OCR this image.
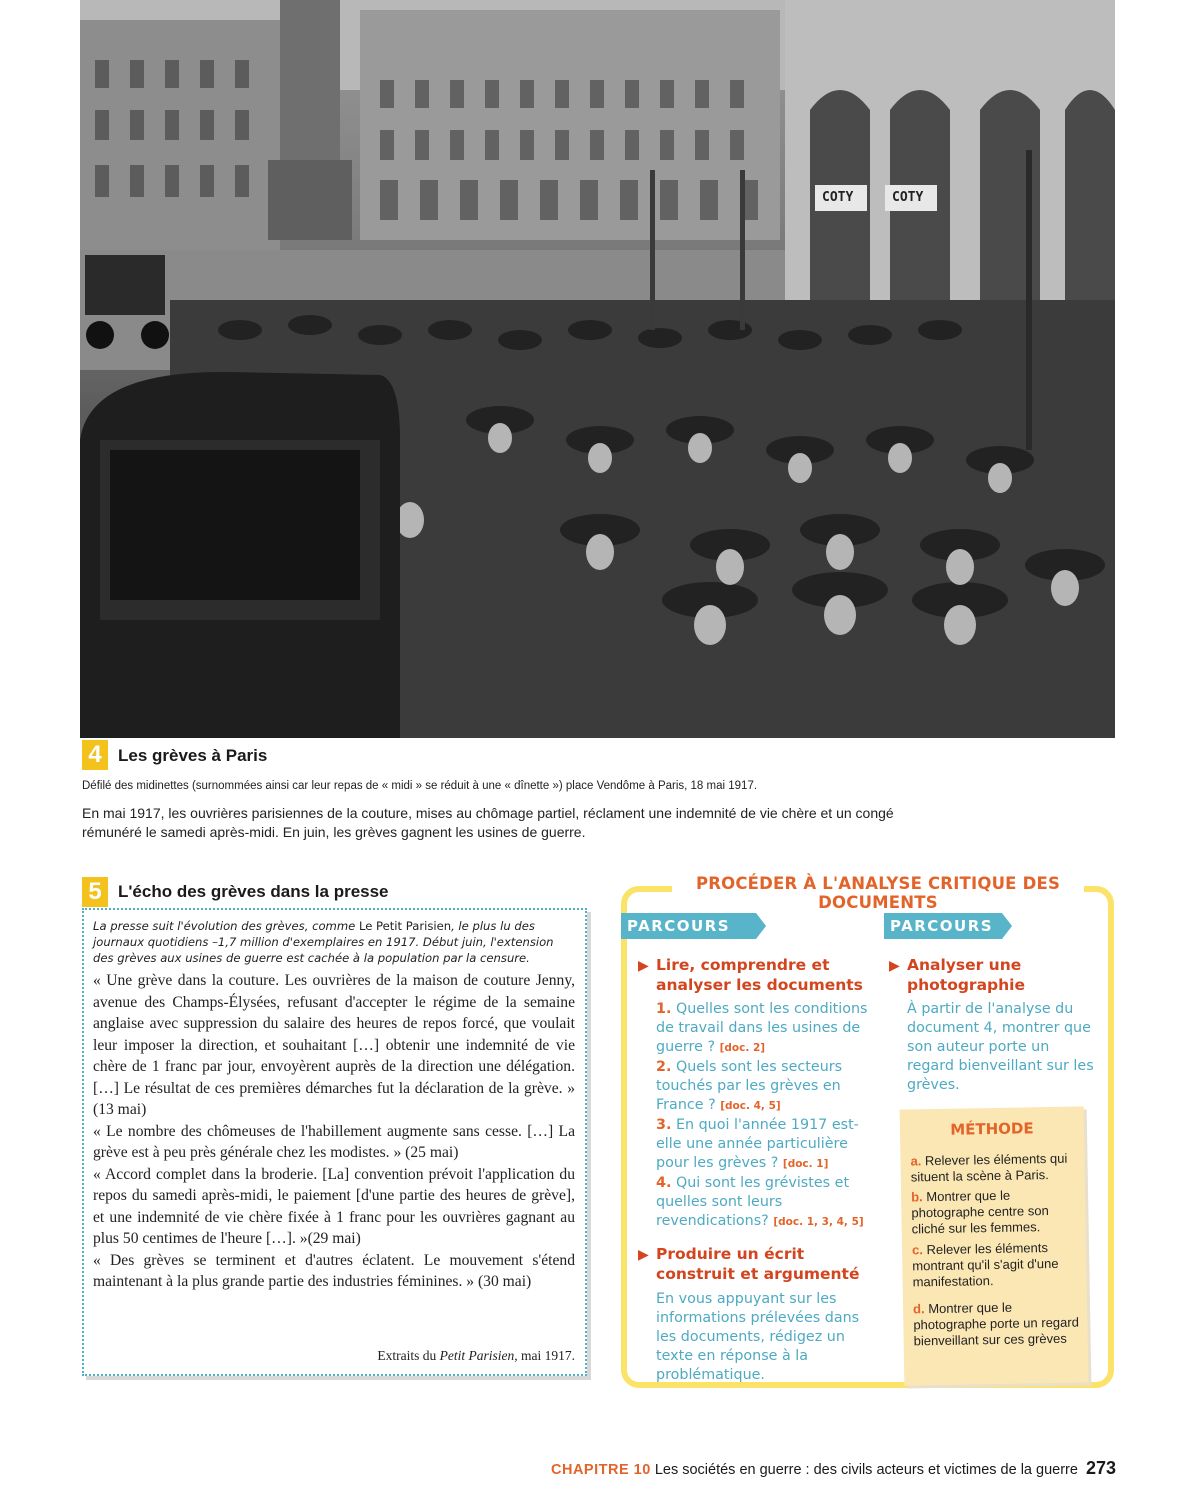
COTY	COTY
4 Les grèves à Paris
Défilé des midinettes (surnommées ainsi car leur repas de « midi » se réduit à une « dînette ») place Vendôme à Paris, 18 mai 1917.
En mai 1917, les ouvrières parisiennes de la couture, mises au chômage partiel, réclament une indemnité de vie chère et un congé rémunéré le samedi après-midi. En juin, les grèves gagnent les usines de guerre.
5 L'écho des grèves dans la presse

La presse suit l'évolution des grèves, comme Le Petit Parisien, le plus lu des journaux quotidiens –1,7 million d'exemplaires en 1917. Début juin, l'extension des grèves aux usines de guerre est cachée à la population par la censure.

« Une grève dans la couture. Les ouvrières de la maison de couture Jenny, avenue des Champs-Élysées, refusant d'accepter le régime de la semaine anglaise avec suppression du salaire des heures de repos forcé, que voulait leur imposer la direction, et souhaitant […] obtenir une indemnité de vie chère de 1 franc par jour, envoyèrent auprès de la direction une délégation. […] Le résultat de ces premières démarches fut la déclaration de la grève. » (13 mai)

« Le nombre des chômeuses de l'habillement augmente sans cesse. […] La grève est à peu près générale chez les modistes. » (25 mai)

« Accord complet dans la broderie. [La] convention prévoit l'application du repos du samedi après-midi, le paiement [d'une partie des heures de grève], et une indemnité de vie chère fixée à 1 franc pour les ouvrières gagnant au plus 50 centimes de l'heure […]. »(29 mai)

« Des grèves se terminent et d'autres éclatent. Le mouvement s'étend maintenant à la plus grande partie des industries féminines. » (30 mai)

Extraits du Petit Parisien, mai 1917.
PROCÉDER À L'ANALYSE CRITIQUE DES DOCUMENTS
PARCOURS A
PARCOURS B
▶ Lire, comprendre et analyser les documents

1. Quelles sont les conditions de travail dans les usines de guerre ? [doc. 2]

2. Quels sont les secteurs touchés par les grèves en France ? [doc. 4, 5]

3. En quoi l'année 1917 est-elle une année particulière pour les grèves ? [doc. 1]

4. Qui sont les grévistes et quelles sont leurs revendications? [doc. 1, 3, 4, 5]

▶ Produire un écrit construit et argumenté
En vous appuyant sur les informations prélevées dans les documents, rédigez un texte en réponse à la problématique.
▶ Analyser une photographie
À partir de l'analyse du document 4, montrer que son auteur porte un regard bienveillant sur les grèves.
MÉTHODE
a. Relever les éléments qui situent la scène à Paris.
b. Montrer que le photographe centre son cliché sur les femmes.
c. Relever les éléments montrant qu'il s'agit d'une manifestation.
d. Montrer que le photographe porte un regard bienveillant sur ces grèves
CHAPITRE 10 Les sociétés en guerre : des civils acteurs et victimes de la guerre 273
